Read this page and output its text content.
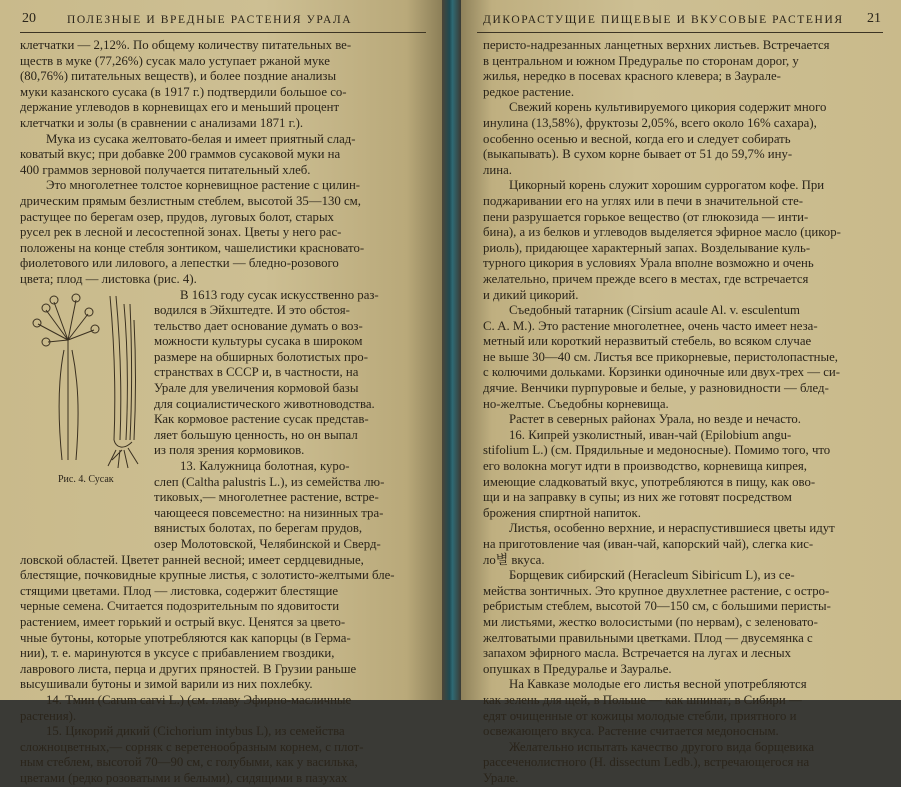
20	ПОЛЕЗНЫЕ И ВРЕДНЫЕ РАСТЕНИЯ УРАЛА
клетчатки — 2,12%. По общему количеству питательных ве-
ществ в муке (77,26%) сусак мало уступает ржаной муке
(80,76%) питательных веществ), и более поздние анализы
муки казанского сусака (в 1917 г.) подтвердили большое со-
держание углеводов в корневищах его и меньший процент
клетчатки и золы (в сравнении с анализами 1871 г.).
Мука из сусака желтовато-белая и имеет приятный слад-
коватый вкус; при добавке 200 граммов сусаковой муки на
400 граммов зерновой получается питательный хлеб.
Это многолетнее толстое корневищное растение с цилин-
дрическим прямым безлистным стеблем, высотой 35—130 см,
растущее по берегам озер, прудов, луговых болот, старых
русел рек в лесной и лесостепной зонах. Цветы у него рас-
положены на конце стебля зонтиком, чашелистики красновато-
фиолетового или лилового, а лепестки — бледно-розового
цвета; плод — листовка (рис. 4).
Рис. 4. Сусак
В 1613 году сусак искусственно раз-
водился в Эйхштедте. И это обстоя-
тельство дает основание думать о воз-
можности культуры сусака в широком
размере на обширных болотистых про-
странствах в СССР и, в частности, на
Урале для увеличения кормовой базы
для социалистического животноводства.
Как кормовое растение сусак представ-
ляет большую ценность, но он выпал
из поля зрения кормовиков.
13. Калужница болотная, куро-
слеп (Caltha palustris L.), из семейства лю-
тиковых,— многолетнее растение, встре-
чающееся повсеместно: на низинных тра-
вянистых болотах, по берегам прудов,
озер Молотовской, Челябинской и Сверд-
ловской областей. Цветет ранней весной; имеет сердцевидные,
блестящие, почковидные крупные листья, с золотисто-желтыми бле-
стящими цветами. Плод — листовка, содержит блестящие
черные семена. Считается подозрительным по ядовитости
растением, имеет горький и острый вкус. Ценятся за цвето-
чные бутоны, которые употребляются как капорцы (в Герма-
нии), т. е. маринуются в уксусе с прибавлением гвоздики,
лаврового листа, перца и других пряностей. В Грузии раньше
высушивали бутоны и зимой варили из них похлебку.
14. Тмин (Carum carvi L.) (см. главу Эфирно-масличные
растения).
15. Цикорий дикий (Cichorium intybus L), из семейства
сложноцветных,— сорняк с веретенообразным корнем, с плот-
ным стеблем, высотой 70—90 см, с голубыми, как у василька,
цветами (редко розоватыми и белыми), сидящими в пазухах
ДИКОРАСТУЩИЕ ПИЩЕВЫЕ И ВКУСОВЫЕ РАСТЕНИЯ 21
перисто-надрезанных ланцетных верхних листьев. Встречается
в центральном и южном Предуралье по сторонам дорог, у
жилья, нередко в посевах красного клевера; в Заурале-
редкое растение.
Свежий корень культивируемого цикория содержит много
инулина (13,58%), фруктозы 2,05%, всего около 16% сахара),
особенно осенью и весной, когда его и следует собирать
(выкапывать). В сухом корне бывает от 51 до 59,7% ину-
лина.
Цикорный корень служит хорошим суррогатом кофе. При
поджаривании его на углях или в печи в значительной сте-
пени разрушается горькое вещество (от глюкозида — инти-
бина), а из белков и углеводов выделяется эфирное масло (цикор-
риоль), придающее характерный запах. Возделывание куль-
турного цикория в условиях Урала вполне возможно и очень
желательно, причем прежде всего в местах, где встречается
и дикий цикорий.
Съедобный татарник (Cirsium acaule Al. v. esculentum
C. A. M.). Это растение многолетнее, очень часто имеет неза-
метный или короткий неразвитый стебель, во всяком случае
не выше 30—40 см. Листья все прикорневые, перистолопастные,
с колючими дольками. Корзинки одиночные или двух-трех — си-
дячие. Венчики пурпуровые и белые, у разновидности — блед-
но-желтые. Съедобны корневища.
Растет в северных районах Урала, но везде и нечасто.
16. Кипрей узколистный, иван-чай (Epilobium angu-
stifolium L.) (см. Прядильные и медоносные). Помимо того, что
его волокна могут идти в производство, корневища кипрея,
имеющие сладковатый вкус, употребляются в пищу, как ово-
щи и на заправку в супы; из них же готовят посредством
брожения спиртной напиток.
Листья, особенно верхние, и нераспустившиеся цветы идут
на приготовление чая (иван-чай, капорский чай), слегка кис-
ло별 вкуса.
Борщевик сибирский (Heracleum Sibiricum L), из се-
мейства зонтичных. Это крупное двухлетнее растение, с остро-
ребристым стеблем, высотой 70—150 см, с большими перисты-
ми листьями, жестко волосистыми (по нервам), с зеленовато-
желтоватыми правильными цветками. Плод — двусемянка с
запахом эфирного масла. Встречается на лугах и лесных
опушках в Предуралье и Зауралье.
На Кавказе молодые его листья весной употребляются
как зелень для щей, в Польше — как шпинат; в Сибири —
едят очищенные от кожицы молодые стебли, приятного и
освежающего вкуса. Растение считается медоносным.
Желательно испытать качество другого вида борщевика
рассеченолистного (H. dissectum Ledb.), встречающегося на
Урале.
